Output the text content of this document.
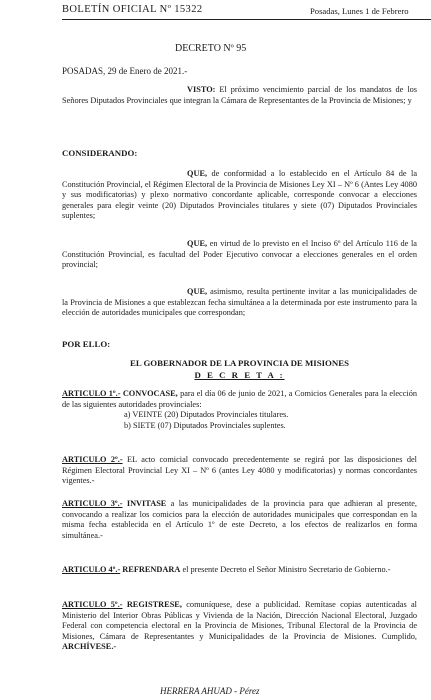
BOLETÍN OFICIAL Nº 15322	Posadas, Lunes 1 de Febrero
DECRETO Nº 95
POSADAS, 29 de Enero de 2021.-
VISTO: El próximo vencimiento parcial de los mandatos de los Señores Diputados Provinciales que integran la Cámara de Representantes de la Provincia de Misiones; y
CONSIDERANDO:
QUE, de conformidad a lo establecido en el Artículo 84 de la Constitución Provincial, el Régimen Electoral de la Provincia de Misiones Ley XI – Nº 6 (Antes Ley 4080 y sus modificatorias) y plexo normativo concordante aplicable, corresponde convocar a elecciones generales para elegir veinte (20) Diputados Provinciales titulares y siete (07) Diputados Provinciales suplentes;
QUE, en virtud de lo previsto en el Inciso 6º del Artículo 116 de la Constitución Provincial, es facultad del Poder Ejecutivo convocar a elecciones generales en el orden provincial;
QUE, asimismo, resulta pertinente invitar a las municipalidades de la Provincia de Misiones a que establezcan fecha simultánea a la determinada por este instrumento para la elección de autoridades municipales que correspondan;
POR ELLO:
EL GOBERNADOR DE LA PROVINCIA DE MISIONES
D E C R E T A :
ARTICULO 1º.- CONVOCASE, para el día 06 de junio de 2021, a Comicios Generales para la elección de las siguientes autoridades provinciales:
a) VEINTE (20) Diputados Provinciales titulares.
b) SIETE (07) Diputados Provinciales suplentes.
ARTICULO 2º.- EL acto comicial convocado precedentemente se regirá por las disposiciones del Régimen Electoral Provincial Ley XI – Nº 6 (antes Ley 4080 y modificatorias) y normas concordantes vigentes.-
ARTICULO 3º.- INVITASE a las municipalidades de la provincia para que adhieran al presente, convocando a realizar los comicios para la elección de autoridades municipales que correspondan en la misma fecha establecida en el Artículo 1º de este Decreto, a los efectos de realizarlos en forma simultánea.-
ARTICULO 4º.- REFRENDARA el presente Decreto el Señor Ministro Secretario de Gobierno.-
ARTICULO 5º.- REGISTRESE, comuníquese, dese a publicidad. Remítase copias autenticadas al Ministerio del Interior Obras Públicas y Vivienda de la Nación, Dirección Nacional Electoral, Juzgado Federal con competencia electoral en la Provincia de Misiones, Tribunal Electoral de la Provincia de Misiones, Cámara de Representantes y Municipalidades de la Provincia de Misiones. Cumplido, ARCHÍVESE.-
HERRERA AHUAD - Pérez
